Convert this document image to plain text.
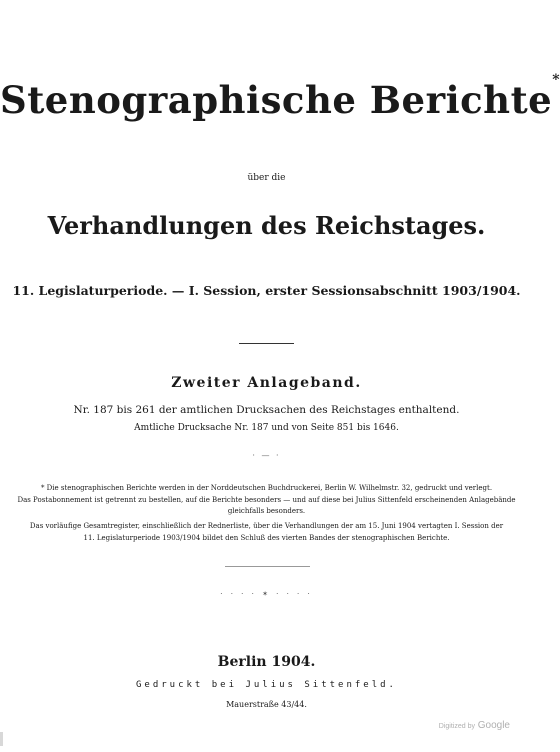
Stenographische Berichte*
über die
Verhandlungen des Reichstages.
11. Legislaturperiode. — I. Session, erster Sessionsabschnitt 1903/1904.
Zweiter Anlageband.
Nr. 187 bis 261 der amtlichen Drucksachen des Reichstages enthaltend.
Amtliche Drucksache Nr. 187 und von Seite 851 bis 1646.
· — ·
* Die stenographischen Berichte werden in der Norddeutschen Buchdruckerei, Berlin W. Wilhelmstr. 32, gedruckt und verlegt.
Das Postabonnement ist getrennt zu bestellen, auf die Berichte besonders — und auf diese bei Julius Sittenfeld erscheinenden Anlagebände
gleichfalls besonders.
Das vorläufige Gesamtregister, einschließlich der Rednerliste, über die Verhandlungen der am 15. Juni 1904 vertagten I. Session der
11. Legislaturperiode 1903/1904 bildet den Schluß des vierten Bandes der stenographischen Berichte.
· · · · ✶ · · · ·
Berlin 1904.
Gedruckt bei Julius Sittenfeld.
Mauerstraße 43/44.
Digitized by Google
